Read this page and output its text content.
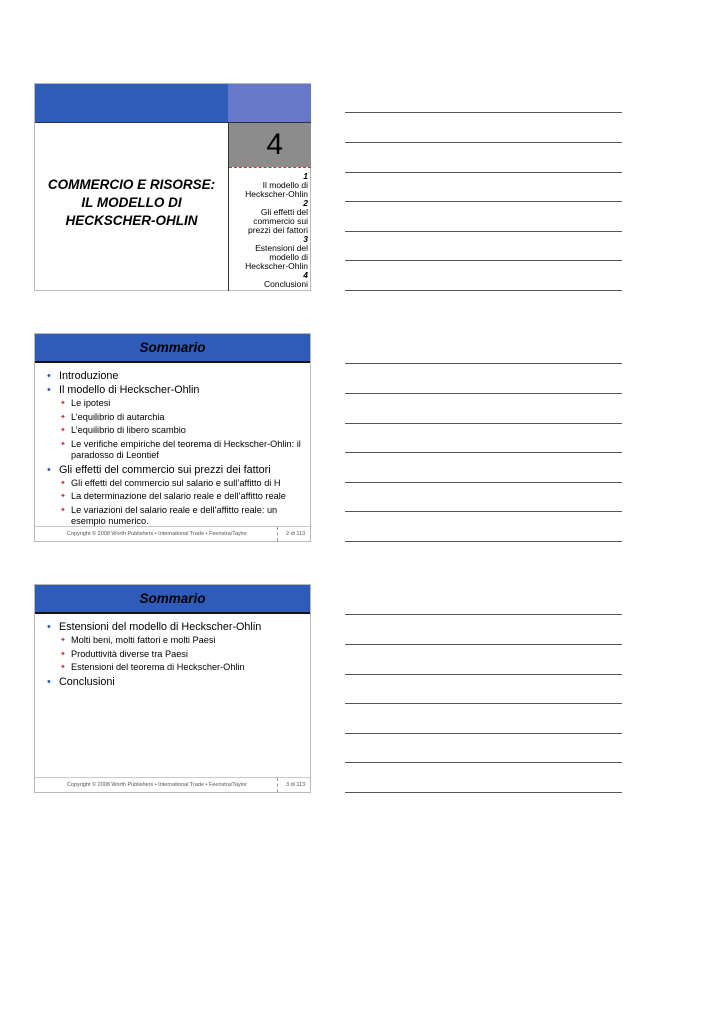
4
COMMERCIO E RISORSE:
IL MODELLO DI
HECKSCHER-OHLIN
1
Il modello di
Heckscher-Ohlin
2
Gli effetti del
commercio sui
prezzi dei fattori
3
Estensioni del
modello di
Heckscher-Ohlin
4
Conclusioni
Sommario
• Introduzione
• Il modello di Heckscher-Ohlin
✦ Le ipotesi
✦ L’equilibrio di autarchia
✦ L’equilibrio di libero scambio
✦ Le verifiche empiriche del teorema di Heckscher-Ohlin: il paradosso di Leontief
• Gli effetti del commercio sui prezzi dei fattori
✦ Gli effetti del commercio sul salario e sull’affitto di H
✦ La determinazione del salario reale e dell’affitto reale
✦ Le variazioni del salario reale e dell’affitto reale: un esempio numerico.
Copyright © 2008 Worth Publishers • International Trade • Feenstra/Taylor	2 di 113
Sommario
• Estensioni del modello di Heckscher-Ohlin
✦ Molti beni, molti fattori e molti Paesi
✦ Produttività diverse tra Paesi
✦ Estensioni del teorema di Heckscher-Ohlin
• Conclusioni
Copyright © 2008 Worth Publishers • International Trade • Feenstra/Taylor	3 di 113
